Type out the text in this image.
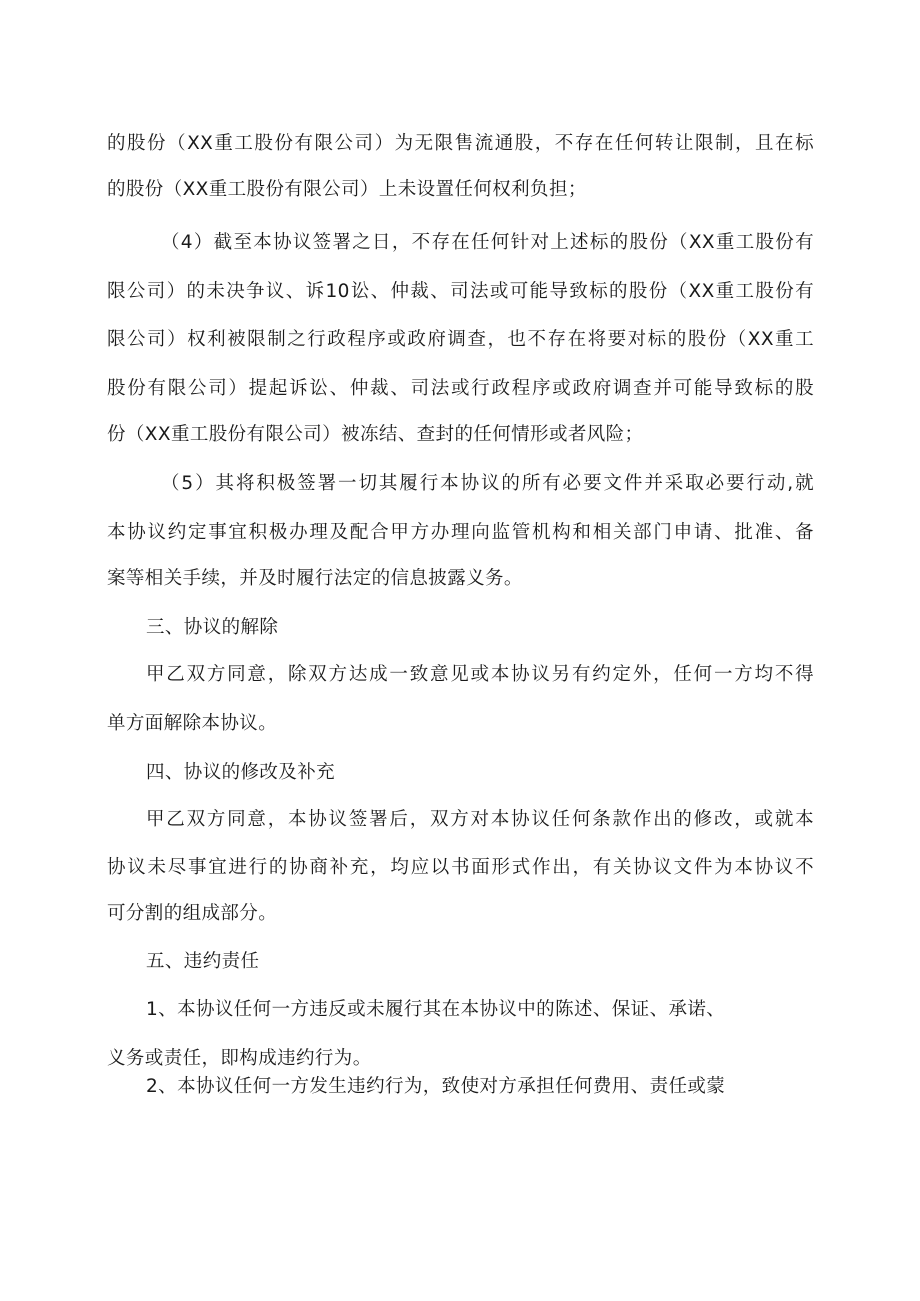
的股份（XX重工股份有限公司）为无限售流通股，不存在任何转让限制，且在标
的股份（XX重工股份有限公司）上未设置任何权利负担；
（4）截至本协议签署之日，不存在任何针对上述标的股份（XX重工股份有
限公司）的未决争议、诉10讼、仲裁、司法或可能导致标的股份（XX重工股份有
限公司）权利被限制之行政程序或政府调查，也不存在将要对标的股份（XX重工
股份有限公司）提起诉讼、仲裁、司法或行政程序或政府调查并可能导致标的股
份（XX重工股份有限公司）被冻结、查封的任何情形或者风险；
（5）其将积极签署一切其履行本协议的所有必要文件并采取必要行动,就
本协议约定事宜积极办理及配合甲方办理向监管机构和相关部门申请、批准、备
案等相关手续，并及时履行法定的信息披露义务。
三、协议的解除
甲乙双方同意，除双方达成一致意见或本协议另有约定外，任何一方均不得
单方面解除本协议。
四、协议的修改及补充
甲乙双方同意，本协议签署后，双方对本协议任何条款作出的修改，或就本
协议未尽事宜进行的协商补充，均应以书面形式作出，有关协议文件为本协议不
可分割的组成部分。
五、违约责任
1、本协议任何一方违反或未履行其在本协议中的陈述、保证、承诺、
义务或责任，即构成违约行为。
2、本协议任何一方发生违约行为，致使对方承担任何费用、责任或蒙
